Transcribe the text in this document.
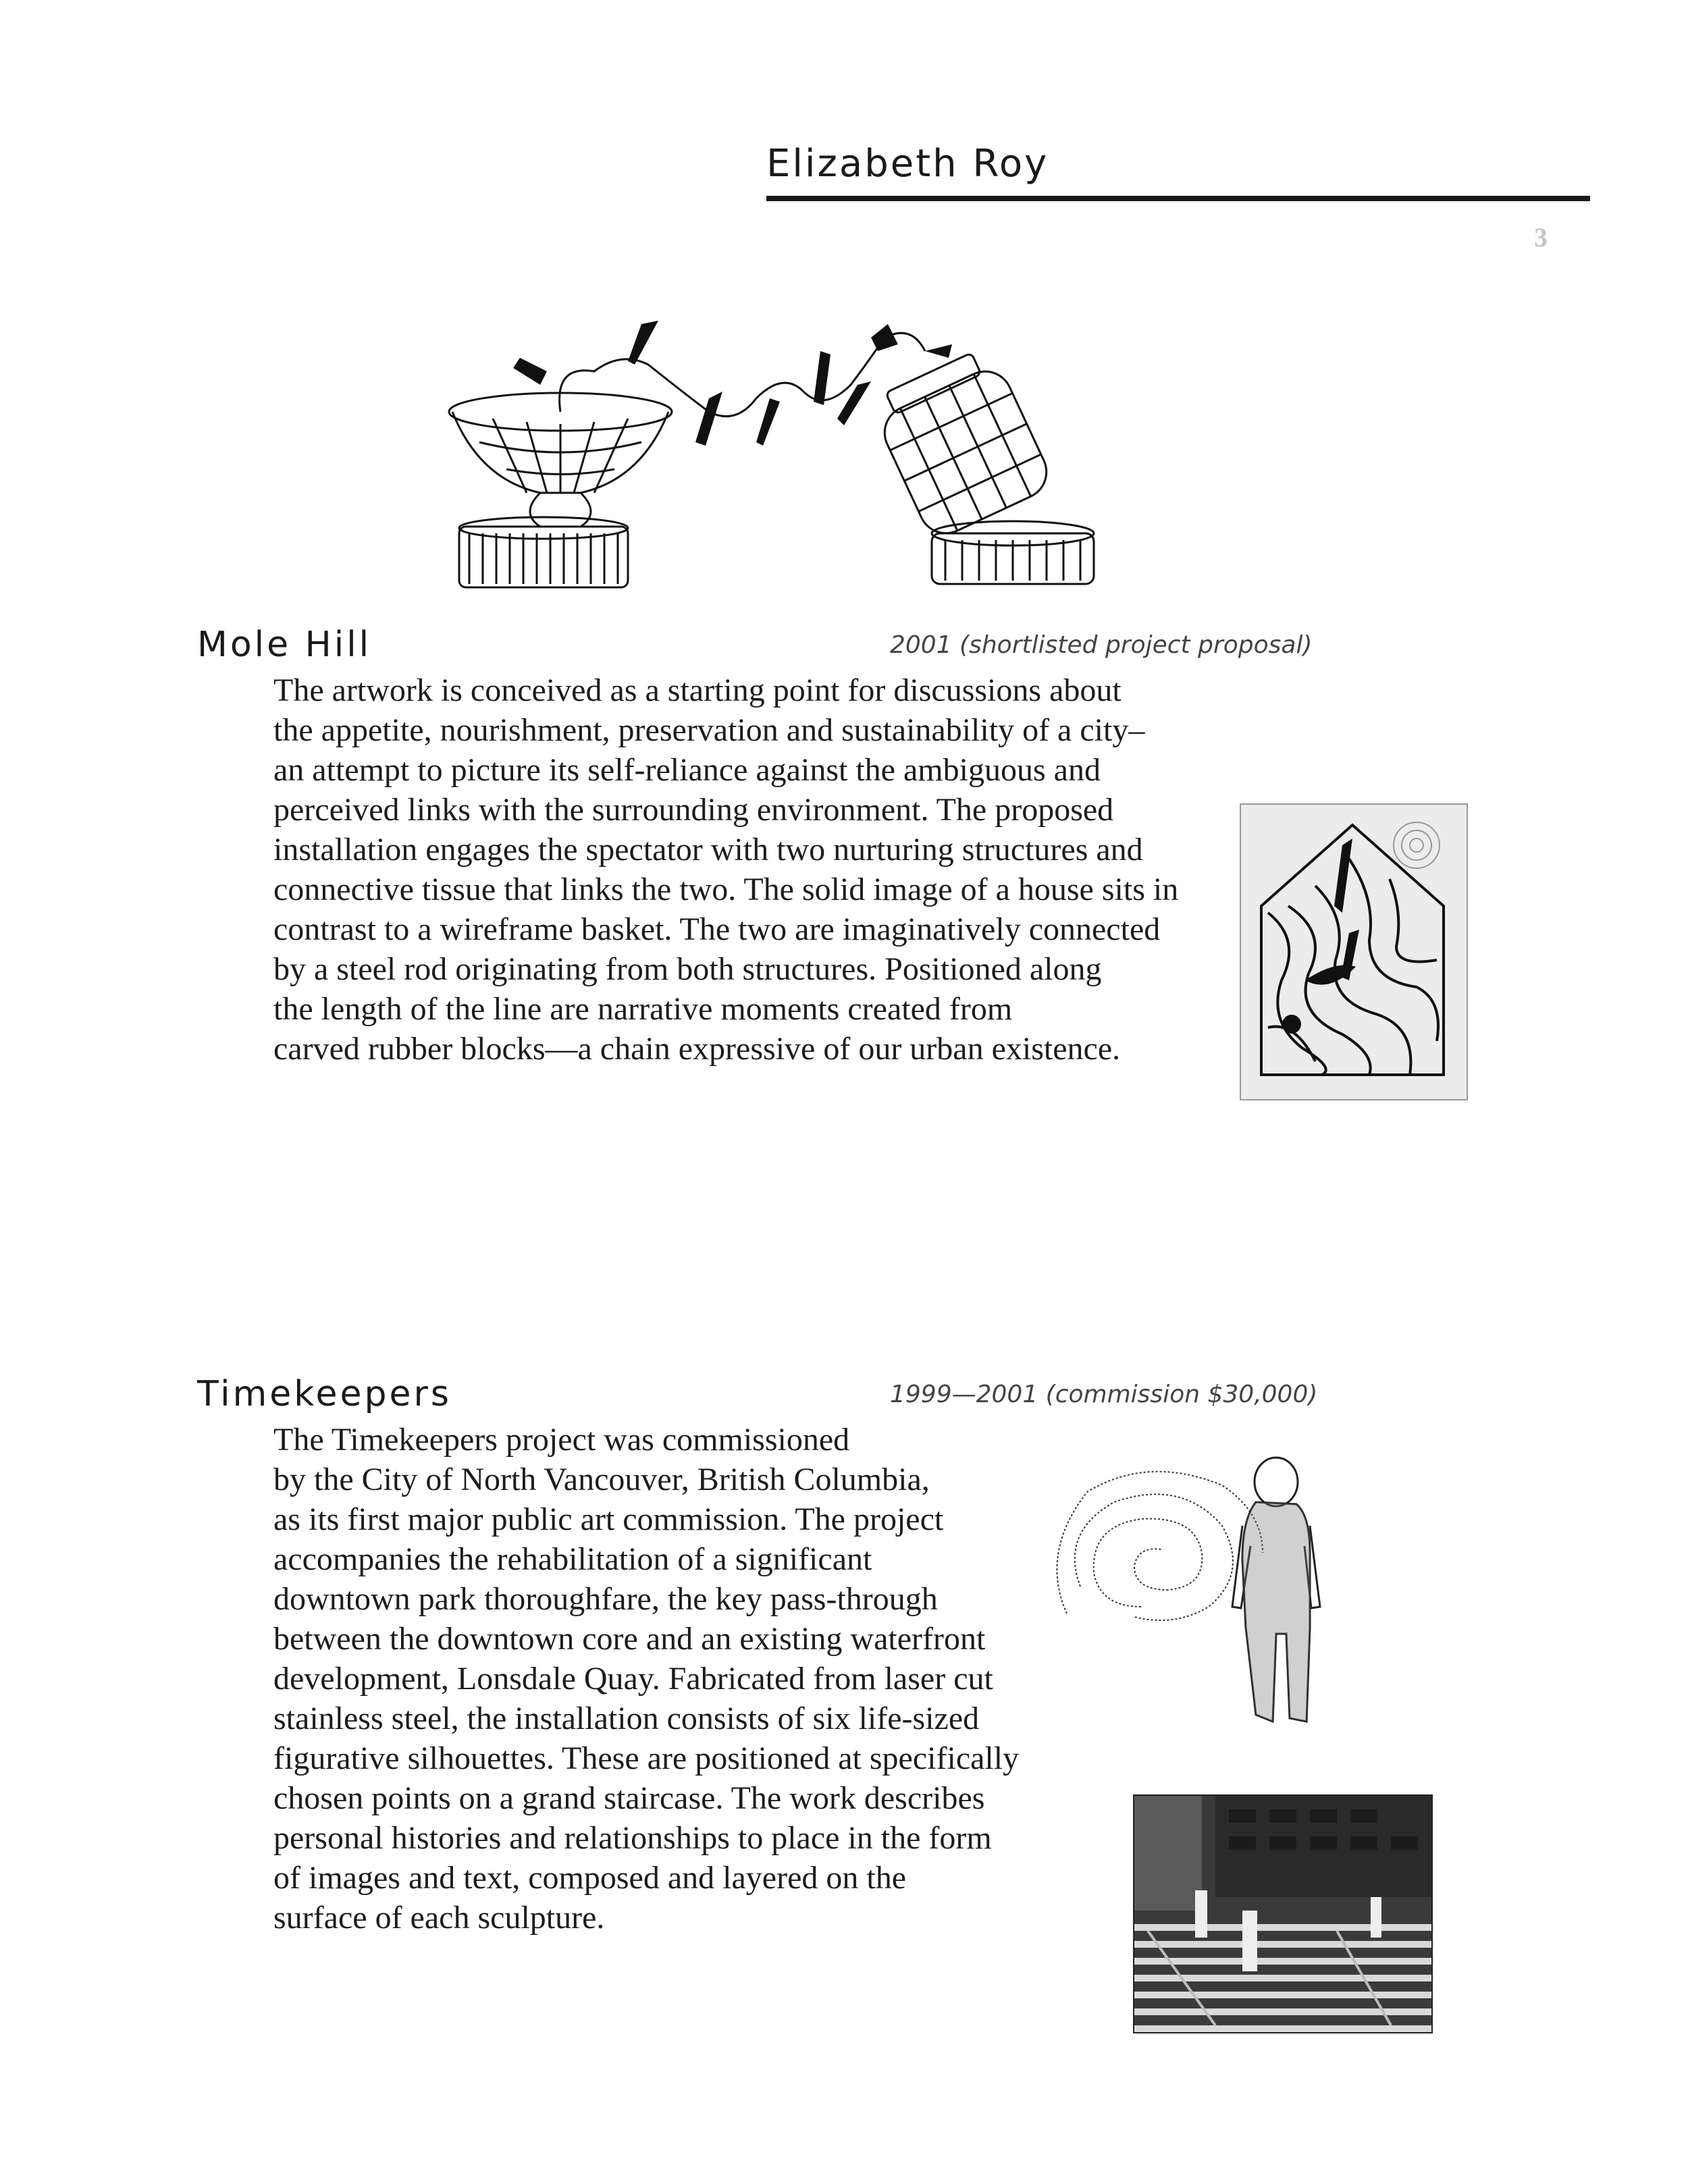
Elizabeth Roy
3
Mole Hill	2001 (shortlisted project proposal)
The artwork is conceived as a starting point for discussions about
the appetite, nourishment, preservation and sustainability of a city–
an attempt to picture its self-reliance against the ambiguous and
perceived links with the surrounding environment. The proposed
installation engages the spectator with two nurturing structures and
connective tissue that links the two. The solid image of a house sits in
contrast to a wireframe basket. The two are imaginatively connected
by a steel rod originating from both structures. Positioned along
the length of the line are narrative moments created from
carved rubber blocks—a chain expressive of our urban existence.
Timekeepers	1999—2001 (commission $30,000)
The Timekeepers project was commissioned
by the City of North Vancouver, British Columbia,
as its first major public art commission. The project
accompanies the rehabilitation of a significant
downtown park thoroughfare, the key pass-through
between the downtown core and an existing waterfront
development, Lonsdale Quay. Fabricated from laser cut
stainless steel, the installation consists of six life-sized
figurative silhouettes. These are positioned at specifically
chosen points on a grand staircase. The work describes
personal histories and relationships to place in the form
of images and text, composed and layered on the
surface of each sculpture.
